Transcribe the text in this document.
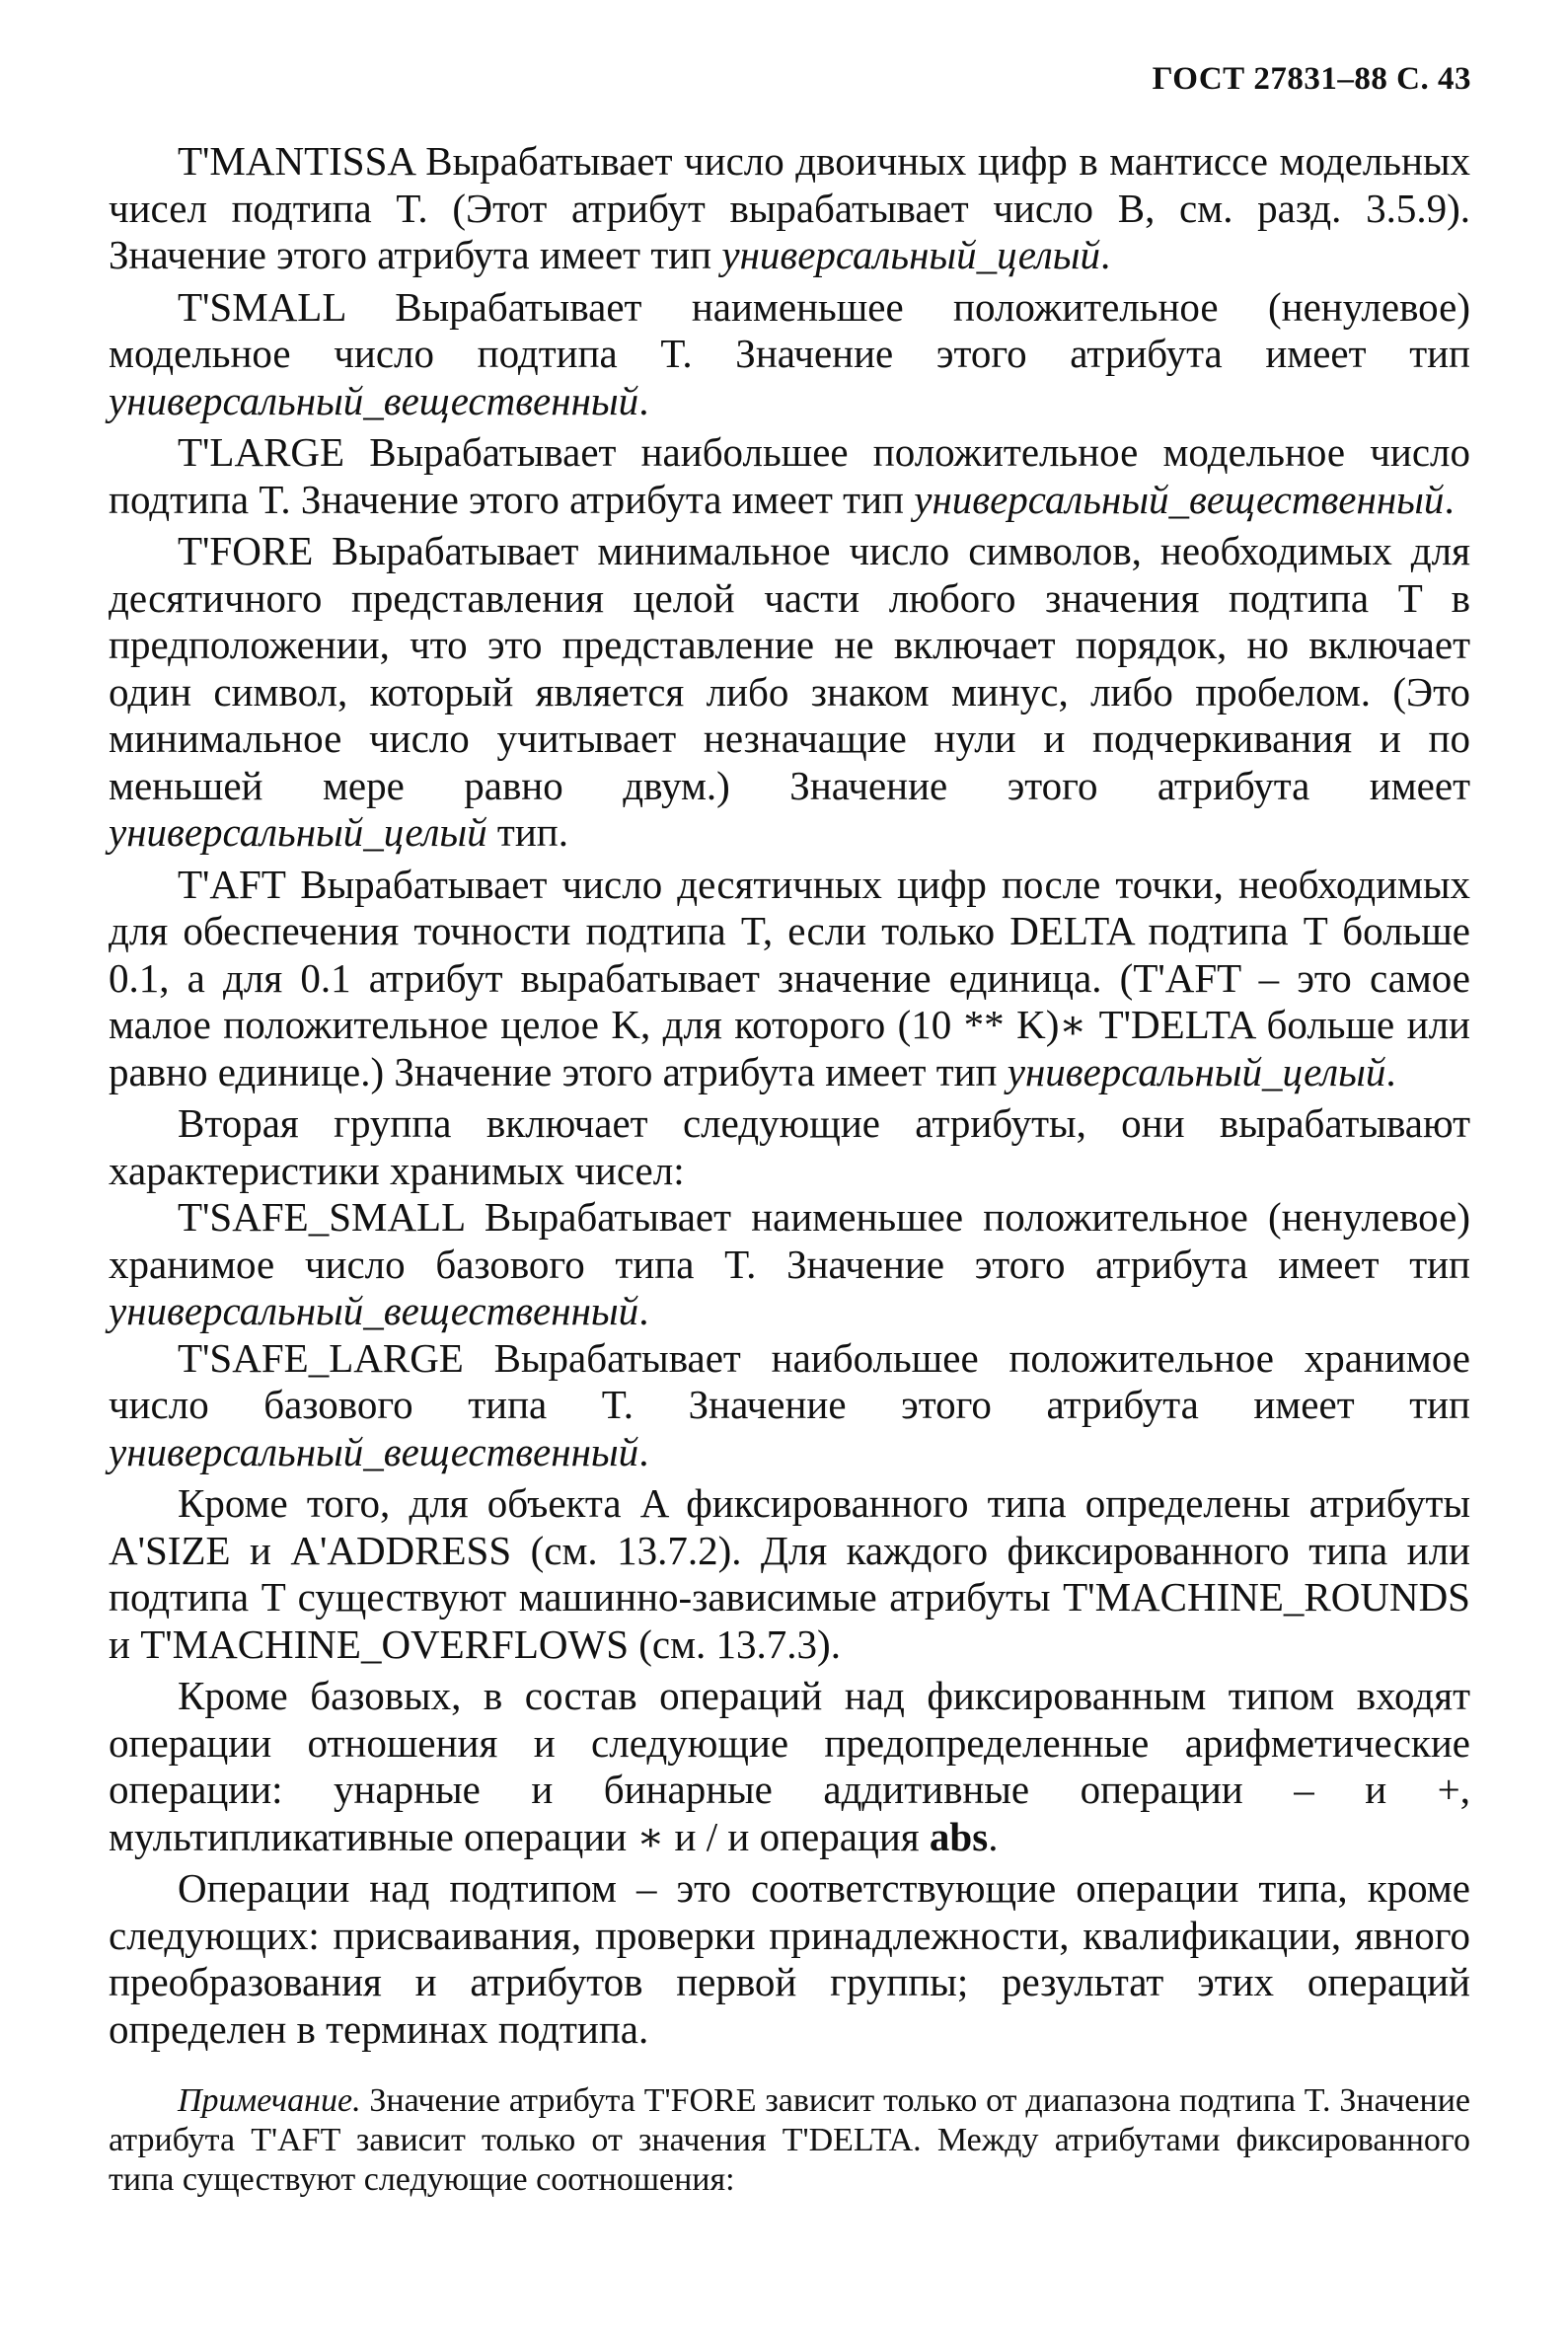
ГОСТ 27831–88 С. 43

T'MANTISSA Вырабатывает число двоичных цифр в мантиссе модельных чисел подтипа T. (Этот атрибут вырабатывает число B, см. разд. 3.5.9). Значение этого атрибута имеет тип универсальный_целый.

T'SMALL Вырабатывает наименьшее положительное (ненулевое) модельное число подтипа T. Значение этого атрибута имеет тип универсальный_вещественный.

T'LARGE Вырабатывает наибольшее положительное модельное число подтипа T. Значение этого атрибута имеет тип универсальный_вещественный.

T'FORE Вырабатывает минимальное число символов, необходимых для десятичного представления целой части любого значения подтипа T в предположении, что это представление не включает порядок, но включает один символ, который является либо знаком минус, либо пробелом. (Это минимальное число учитывает незначащие нули и подчеркивания и по меньшей мере равно двум.) Значение этого атрибута имеет универсальный_целый тип.

T'AFT Вырабатывает число десятичных цифр после точки, необходимых для обеспечения точности подтипа T, если только DELTA подтипа T больше 0.1, а для 0.1 атрибут вырабатывает значение единица. (T'AFT – это самое малое положительное целое K, для которого (10 ** K)∗ T'DELTA больше или равно единице.) Значение этого атрибута имеет тип универсальный_целый.

Вторая группа включает следующие атрибуты, они вырабатывают характеристики хранимых чисел:

T'SAFE_SMALL Вырабатывает наименьшее положительное (ненулевое) хранимое число базового типа T. Значение этого атрибута имеет тип универсальный_вещественный.

T'SAFE_LARGE Вырабатывает наибольшее положительное хранимое число базового типа T. Значение этого атрибута имеет тип универсальный_вещественный.

Кроме того, для объекта A фиксированного типа определены атрибуты A'SIZE и A'ADDRESS (см. 13.7.2). Для каждого фиксированного типа или подтипа T существуют машинно-зависимые атрибуты T'MACHINE_ROUNDS и T'MACHINE_OVERFLOWS (см. 13.7.3).

Кроме базовых, в состав операций над фиксированным типом входят операции отношения и следующие предопределенные арифметические операции: унарные и бинарные аддитивные операции – и +, мультипликативные операции ∗ и / и операция abs.

Операции над подтипом – это соответствующие операции типа, кроме следующих: присваивания, проверки принадлежности, квалификации, явного преобразования и атрибутов первой группы; результат этих операций определен в терминах подтипа.

Примечание. Значение атрибута T'FORE зависит только от диапазона подтипа T. Значение атрибута T'AFT зависит только от значения T'DELTA. Между атрибутами фиксированного типа существуют следующие соотношения:
